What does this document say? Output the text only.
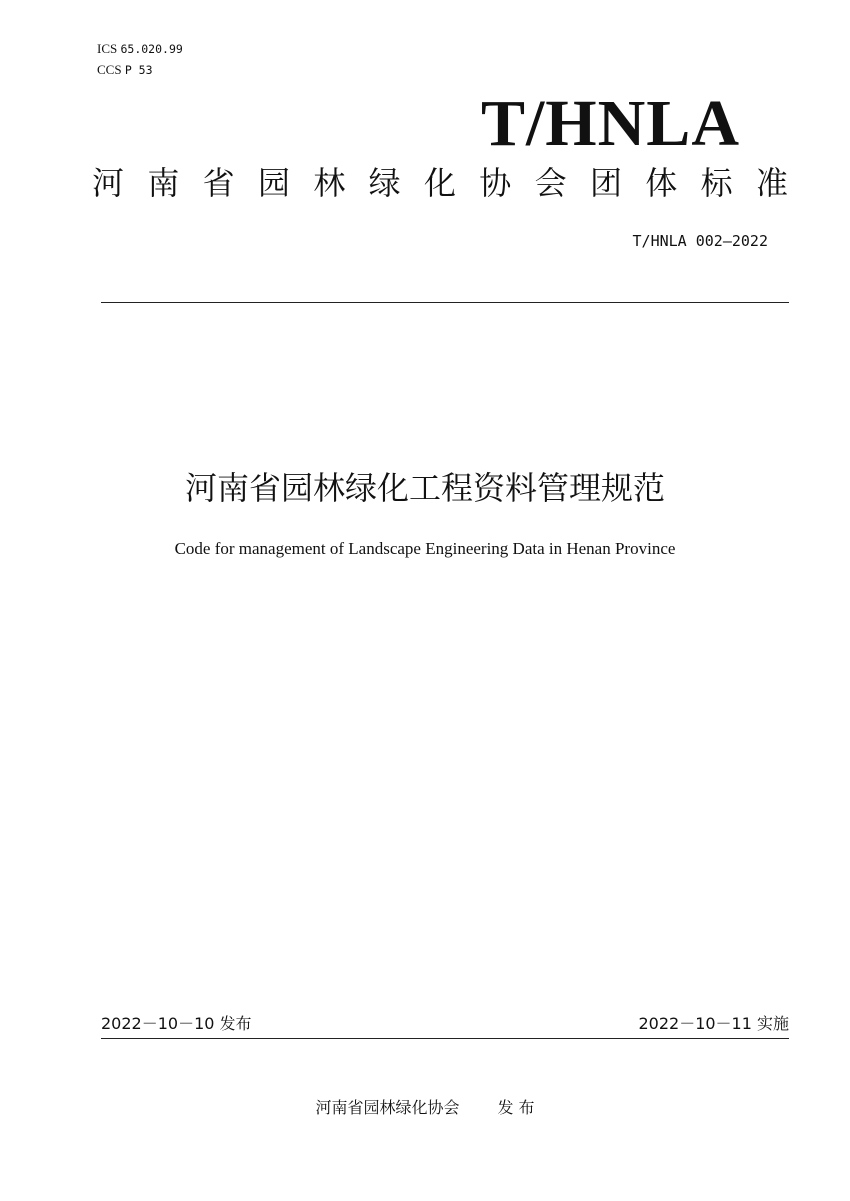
ICS 65.020.99
CCS P 53
T/HNLA
河 南 省 园 林 绿 化 协 会 团 体 标 准
T/HNLA 002—2022
河南省园林绿化工程资料管理规范
Code for management of Landscape Engineering Data in Henan Province
2022－10－10 发布	2022－10－11 实施
河南省园林绿化协会 发 布
